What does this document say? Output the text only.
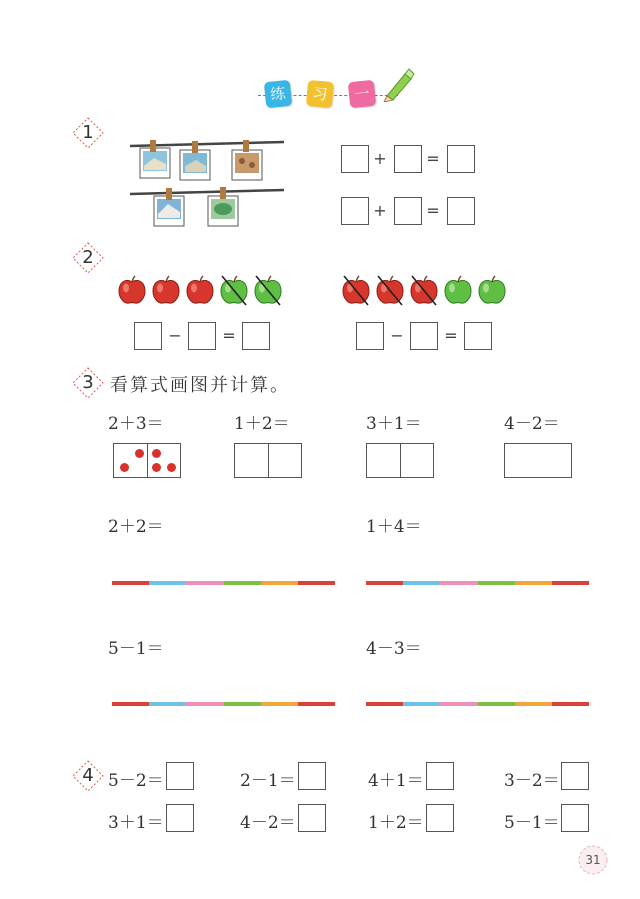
练	习	一
1
+ =
+ =
2
−	=	−	=
3 看算式画图并计算。
2＋3＝	1＋2＝	3＋1＝	4－2＝
2＋2＝	1＋4＝
5－1＝	4－3＝
4 5－2＝	2－1＝	4＋1＝	3－2＝
3＋1＝	4－2＝	1＋2＝	5－1＝
31
